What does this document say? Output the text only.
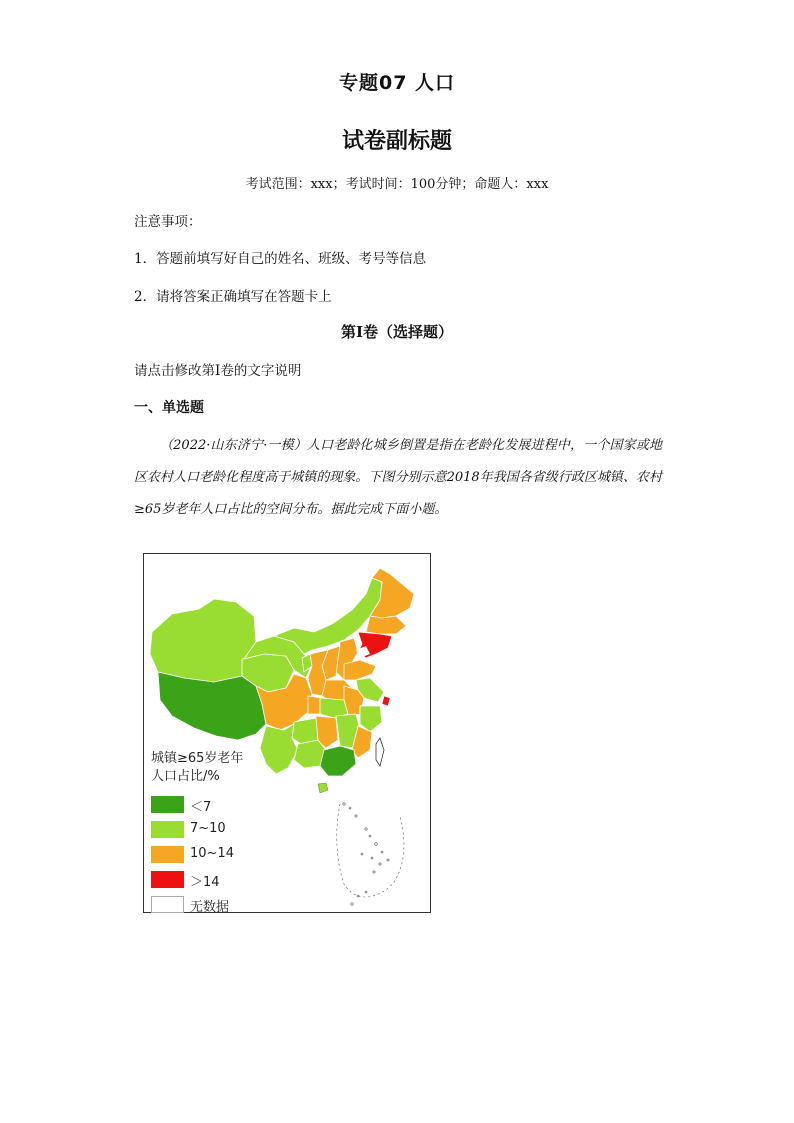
专题07 人口
试卷副标题
考试范围：xxx；考试时间：100分钟；命题人：xxx
注意事项：
1．答题前填写好自己的姓名、班级、考号等信息
2．请将答案正确填写在答题卡上
第I卷（选择题）
请点击修改第I卷的文字说明
一、单选题
（2022·山东济宁·一模）人口老龄化城乡倒置是指在老龄化发展进程中，一个国家或地区农村人口老龄化程度高于城镇的现象。下图分别示意2018年我国各省级行政区城镇、农村≥65岁老年人口占比的空间分布。据此完成下面小题。
城镇≥65岁老年
人口占比/%
＜7
7~10
10~14
＞14
无数据
